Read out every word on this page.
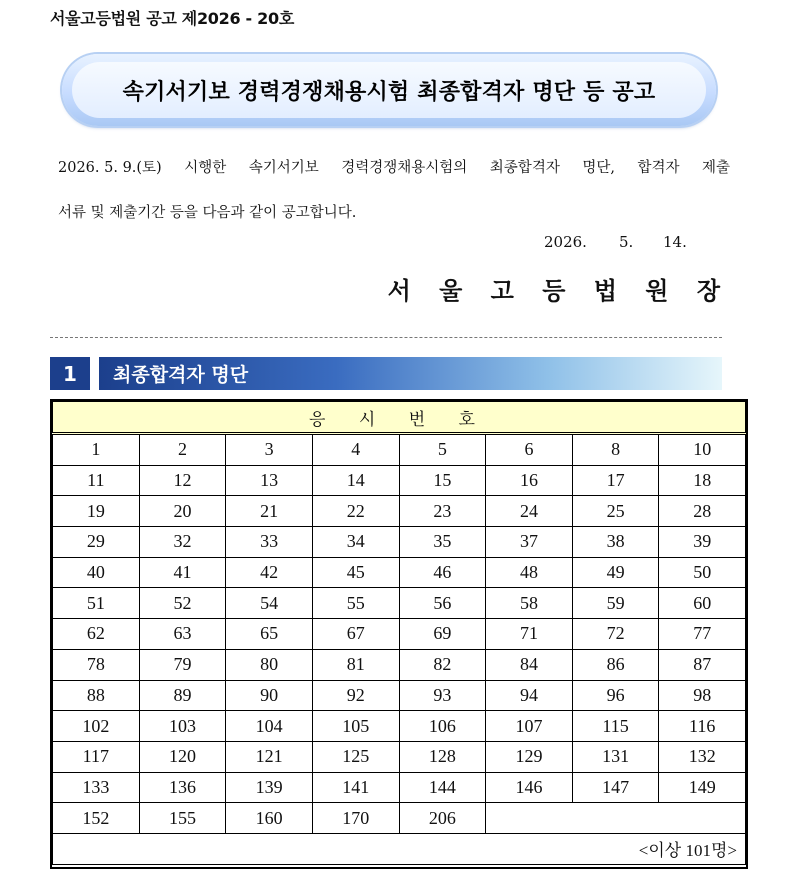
서울고등법원 공고 제2026 - 20호
속기서기보 경력경쟁채용시험 최종합격자 명단 등 공고
2026. 5. 9.(토) 시행한 속기서기보 경력경쟁채용시험의 최종합격자 명단, 합격자 제출
서류 및 제출기간 등을 다음과 같이 공고합니다.
2026. 5. 14.
서 울 고 등 법 원 장
1	최종합격자 명단
응 시 번 호							
1	2	3	4	5	6	8	10
11	12	13	14	15	16	17	18
19	20	21	22	23	24	25	28
29	32	33	34	35	37	38	39
40	41	42	45	46	48	49	50
51	52	54	55	56	58	59	60
62	63	65	67	69	71	72	77
78	79	80	81	82	84	86	87
88	89	90	92	93	94	96	98
102	103	104	105	106	107	115	116
117	120	121	125	128	129	131	132
133	136	139	141	144	146	147	149
152	155	160	170	206			
<이상 101명>							
